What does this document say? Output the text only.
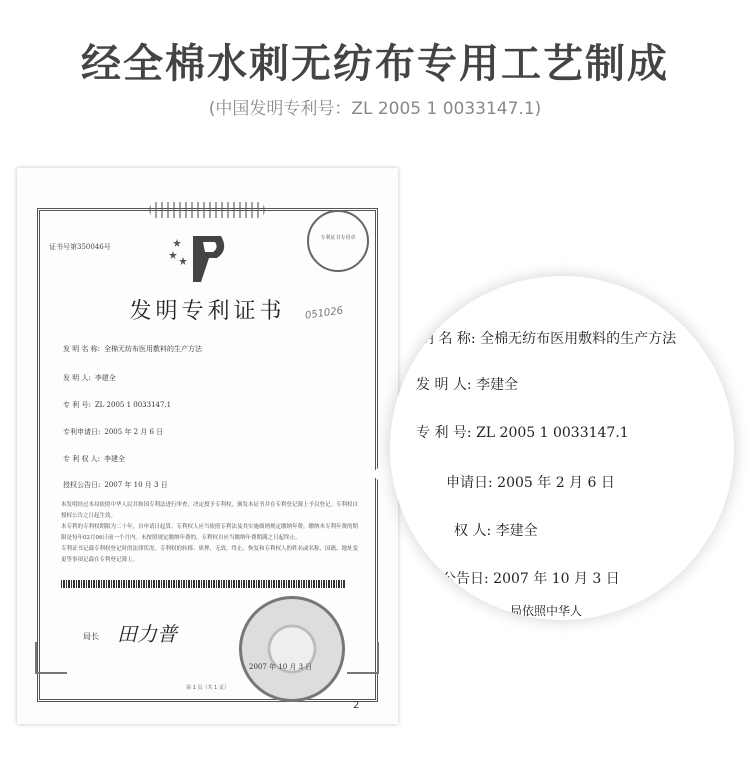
经全棉水刺无纺布专用工艺制成
(中国发明专利号：ZL 2005 1 0033147.1)
证书号第350046号
专利证书专用章
发明专利证书	051026
发 明 名 称: 全棉无纺布医用敷料的生产方法
发 明 人: 李建全
专 利 号: ZL 2005 1 0033147.1
专利申请日: 2005 年 2 月 6 日
专 利 权 人: 李建全
授权公告日: 2007 年 10 月 3 日
本发明经过本局依照中华人民共和国专利法进行审查，决定授予专利权，颁发本证书并在专利登记簿上予以登记。专利权自授权公告之日起生效。
本专利的专利权期限为二十年，自申请日起算。专利权人应当依照专利法及其实施细则规定缴纳年费。缴纳本专利年费的期限是每年02月06日前一个月内。未按照规定缴纳年费的，专利权自应当缴纳年费期满之日起终止。
专利证书记载专利权登记时的法律状况。专利权的转移、质押、无效、终止、恢复和专利权人的姓名或名称、国籍、地址变更等事项记载在专利登记簿上。
局长 田力普
2007 年 10 月 3 日
第 1 页（共 1 页）
2
明 名 称: 全棉无纺布医用敷料的生产方法
发 明 人: 李建全
专 利 号: ZL 2005 1 0033147.1
申请日: 2005 年 2 月 6 日
权 人: 李建全
公告日: 2007 年 10 月 3 日
局依照中华人
